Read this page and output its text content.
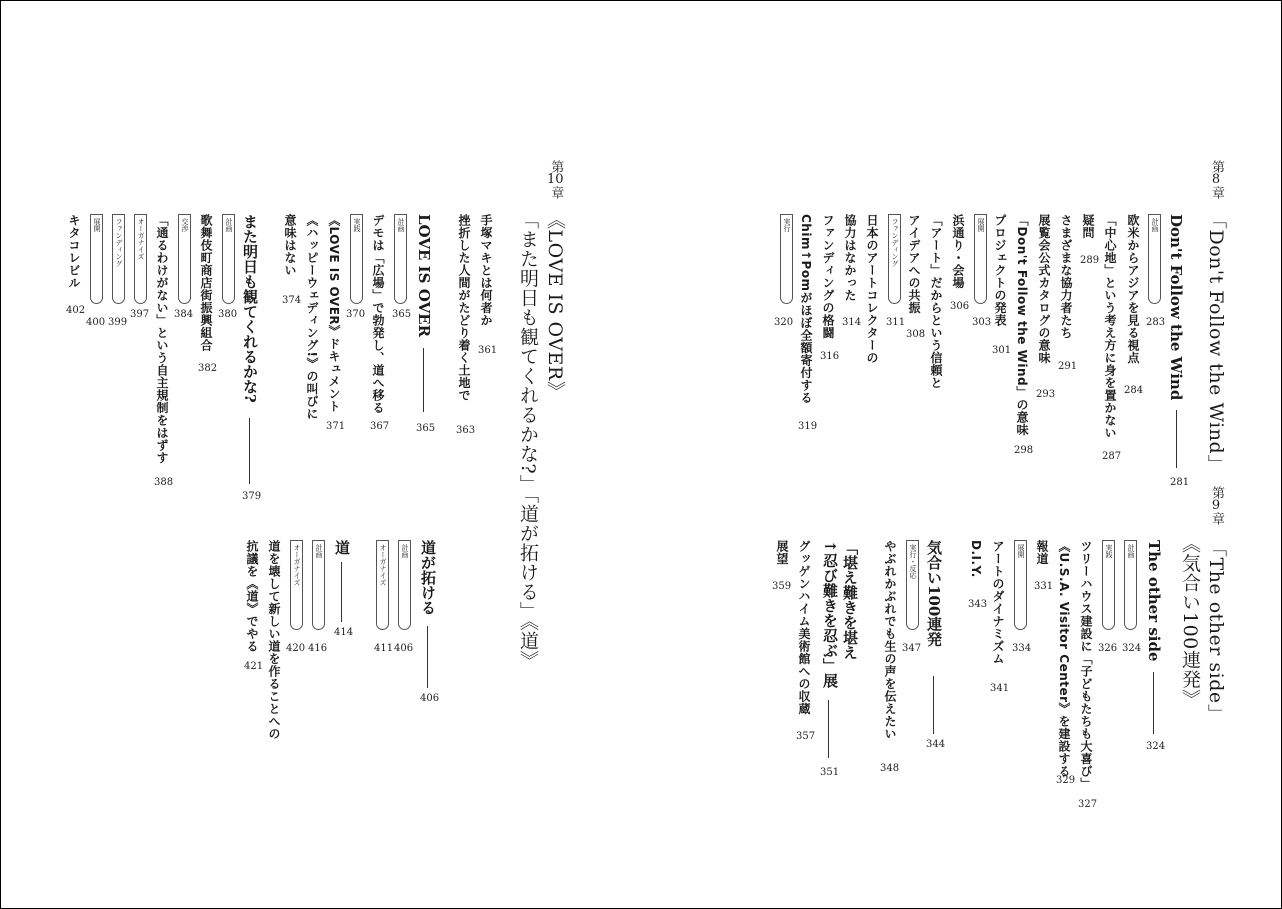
第8章
「Don't Follow the Wind」
Don't Follow the Wind
281
計画
欧米からアジアを見る視点 283
284
「中心地」という考え方に身を置かない
287
疑問
289
さまざまな協力者たち
291
展覧会公式カタログの意味
293
「Don't Follow the Wind」の意味
298
プロジェクトの発表
301
展開
303
浜通り・会場
306
「アート」だからという信頼と
アイデアへの共振
308
ファンディング
311
日本のアートコレクターの
協力はなかった
314
ファンディングの格闘
316
Chim↑Pomがほぼ全額寄付する
319
実行
320
第9章
「The other side」
《気合い100連発》
The other side
324
計画
324
実践
326
ツリーハウス建設に「子どもたちも大喜び」
327
《U.S.A. Visitor Center》を建設する
329
報道
331
展開
334
アートのダイナミズム
341
D.I.Y.
343
気合い100連発
344
実行・反応
347
やぶれかぶれでも生の声を伝えたい
348
「堪え難きを堪え
↑忍び難きを忍ぶ」展
351
グッゲンハイム美術館への収蔵
357
展望
359
第10章
《LOVE IS OVER》
「また明日も観てくれるかな?」「道が拓ける」《道》
手塚マキとは何者か
361
挫折した人間がたどり着く土地で
363
LOVE IS OVER
365
計画
365
デモは「広場」で勃発し、道へ移る
367
実践
370
《LOVE IS OVER》ドキュメント
371
《ハッピーウェディング!》の叫びに
意味はない
374
また明日も観てくれるかな?
379
計画
380
歌舞伎町商店街振興組合
382
交渉
384
「通るわけがない」という自主規制をはずす
388
オーガナイズ
397
ファンディング
399
展開
400
キタコレビル
402
道が拓ける
406
計画
406
オーガナイズ
411
道
414
計画
416
オーガナイズ
420
道を壊して新しい道を作ることへの
抗議を《道》でやる
421
